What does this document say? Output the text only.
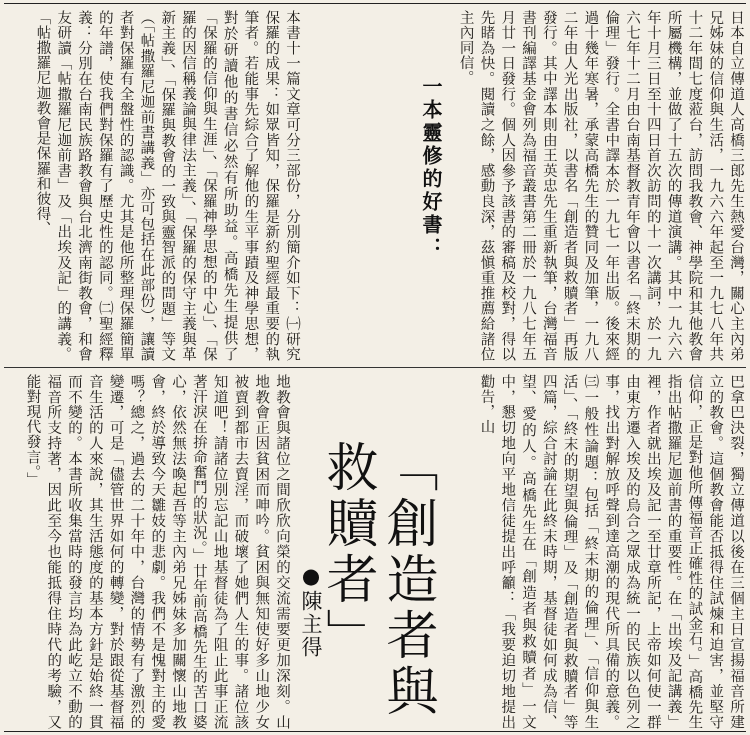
日本自立傳道人高橋三郎先生熱愛台灣，關心主內弟兄姊妹的信仰與生活，一九六六年起至一九七八年共十二年間七度蒞台，訪問我教會、神學院和其他教會所屬機構，並做了十五次的傳道演講。其中一九六六年十月三日至十四日首次訪問的十一次講詞，於一九六七年十二月由台南基督教青年會以書名「終末期的倫理」發行。全書中譯本於一九七一年出版。後來經過十幾年寒暑，承蒙高橋先生的贊同及加筆，一九八二年由人光出版社，以書名「創造者與救贖者」再版發行。其中譯本則由王英忠先生重新執筆，台灣福音書刊編譯基金會列為福音叢書第二冊於一九八七年五月廿一日發行。個人因參予該書的審稿及校對，得以先睹為快。閱讀之餘，感動良深，茲愼重推薦給諸位主內同信。

一本靈修的好書：

本書十一篇文章可分三部份，分別簡介如下：㈠研究保羅的成果：如眾皆知，保羅是新約聖經最重要的執筆者。若能事先綜合了解他的生平事蹟及神學思想，對於研讀他的書信必然有所助益。高橋先生提供了「保羅的信仰與生涯」、「保羅神學思想的中心」、「保羅的因信稱義論與律法主義」、「保羅的保守主義與革新主義」、「保羅與教會的一致與靈智派的問題」等文（「帖撒羅尼迦前書講義」亦可包括在此部份），讓讀者對保羅有全盤性的認識。尤其是他所整理保羅簡單的年譜，使我們對保羅有了歷史性的認同。㈡聖經釋義：分別在台南民族路教會與台北濟南街教會，和會友研讀「帖撒羅尼迦前書」及「出埃及記」的講義。「帖撒羅尼迦教會是保羅和彼得、

巴拿巴決裂，獨立傳道以後在三個主日宣揚福音所建立的教會。這個教會能否抵得住試煉和迫害，並堅守信仰，正是對他所傳福音正確性的試金石。」高橋先生指出帖撒羅尼迦前書的重要性。在「出埃及記講義」裡，作者就出埃及記一至廿章所記，上帝如何使一群由東方遷入埃及的烏合之眾成為統一的民族以色列之事，找出對解放呼聲到達高潮的現代所具備的意義。㈢一般性論題：包括「終末期的倫理」、「信仰與生活」、「終末的期望與倫理」及「創造者與救贖者」等四篇，綜合討論在此終末時期，基督徒如何成為信、望、愛的人。高橋先生在「創造者與救贖者」一文中，懇切地向平地信徒提出呼籲：「我要迫切地提出勸告，山

「創造者與救贖者」
●陳主得

地教會與諸位之間欣欣向榮的交流需要更加深刻。山地教會正因貧困而呻吟。貧困與無知使好多山地少女被賣到都市去賣淫，而破壞了她們人生的事。諸位該知道吧！請諸位別忘記山地基督徒為了阻止此事正流著汗淚在拚命奮鬥的狀況。」廿年前高橋先生的苦口婆心，依然無法喚起吾等主內弟兄姊妹多加關懷山地教會，終於導致今天雛妓的悲劇。我們不是愧對主的愛嗎？總之，過去的二十年中，台灣的情勢有了激烈的變遷，可是「儘管世界如何的轉變，對於跟從基督福音生活的人來說，其生活態度的基本方針是始終一貫而不變的。本書所收集當時的發言均為此屹立不動的福音所支持著，因此至今也能抵得住時代的考驗，又能對現代發言。」
